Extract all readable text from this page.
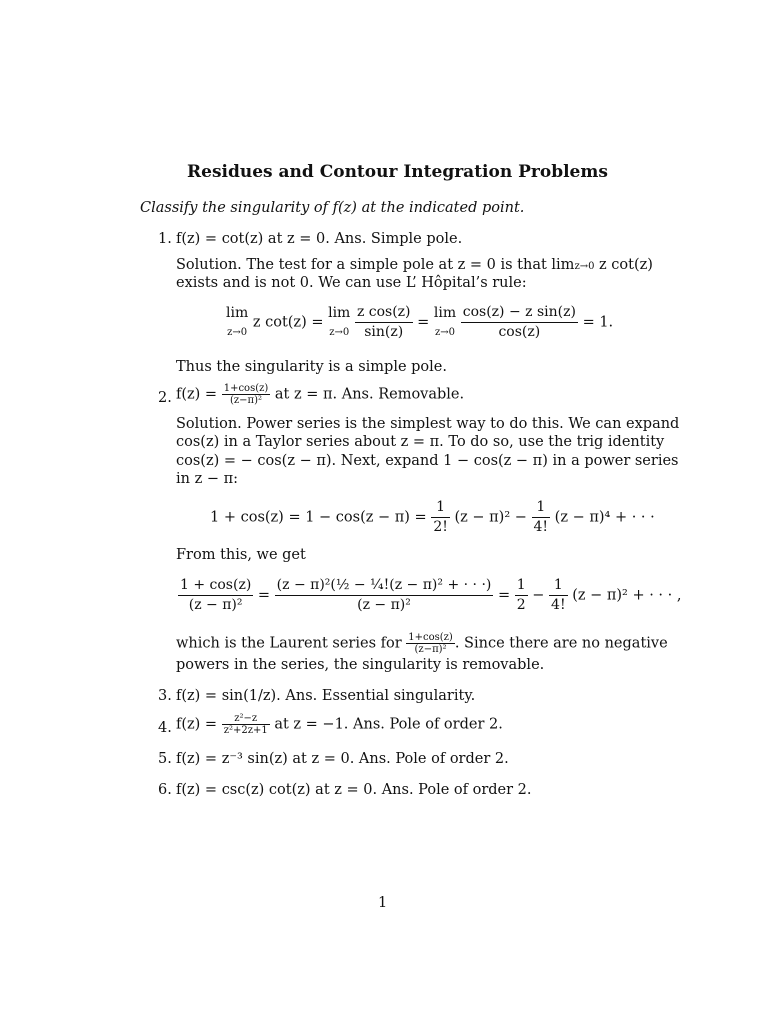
Residues and Contour Integration Problems
Classify the singularity of f(z) at the indicated point.
1. f(z) = cot(z) at z = 0. Ans. Simple pole.
Solution. The test for a simple pole at z = 0 is that limz→0 z cot(z)
exists and is not 0. We can use L’ Hôpital’s rule:
lim
z→0
z cot(z) =
lim
z→0
$\frac{\text{z cos(z)}}{\sin(z)}$ =
lim
z→0
$\frac{\text{cos(z) − z sin(z)}}{\cos(z)} = 1$.
Thus the singularity is a simple pole.
2. $f(z) = \frac{1+\cos(z)}{\text{(z−π)²}}$ at z = π. Ans. Removable.
Solution. Power series is the simplest way to do this. We can expand
cos(z) in a Taylor series about z = π. To do so, use the trig identity
cos(z) = − cos(z − π). Next, expand 1 − cos(z − π) in a power series
in z − π:
$1 + \cos(z) = 1 - \cos(z - \pi) = \frac{1}{2!} (z - \pi)^2 - \frac{1}{4!} (z - \pi)^4$ + · · ·
From this, we get
$\frac{1 + \cos(z)}{\text{(z − π)²}} = \frac{\text{(z − π)²(½ − ¹⁄₄!(z − π)² + · · ·)}}{\text{(z − π)²}} = \frac{1}{2} - \frac{1}{4!} (z - \pi)^2$ + · · · ,
which is the Laurent series for $\frac{1+\cos(z)}{\text{(z−π)²}}$ . Since there are no negative
powers in the series, the singularity is removable.
3. f(z) = sin(1/z). Ans. Essential singularity.
4. $f(z) = \frac{\text{z²−z}}{\text{z²+2z+1}}$ at z = −1. Ans. Pole of order 2.
5. f(z) = z⁻³ sin(z) at z = 0. Ans. Pole of order 2.
6. f(z) = csc(z) cot(z) at z = 0. Ans. Pole of order 2.
1
